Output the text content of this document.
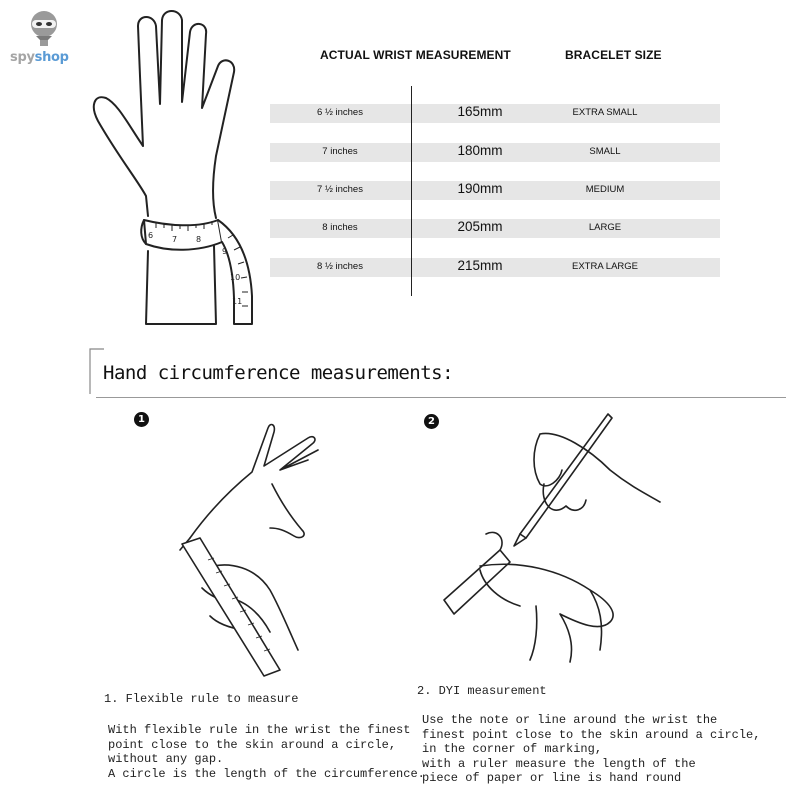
spyshop
6 7 8
9
10
11
ACTUAL WRIST MEASUREMENT	BRACELET SIZE
6 ½ inches	165mm	EXTRA SMALL
7 inches	180mm	SMALL
7 ½ inches	190mm	MEDIUM
8 inches	205mm	LARGE
8 ½ inches	215mm	EXTRA LARGE
Hand circumference measurements:
1	2
1. Flexible rule to measure
With flexible rule in the wrist the finest
point close to the skin around a circle,
without any gap.
A circle is the length of the circumference.
2. DYI measurement
Use the note or line around the wrist the
finest point close to the skin around a circle,
in the corner of marking,
with a ruler measure the length of the
piece of paper or line is hand round
